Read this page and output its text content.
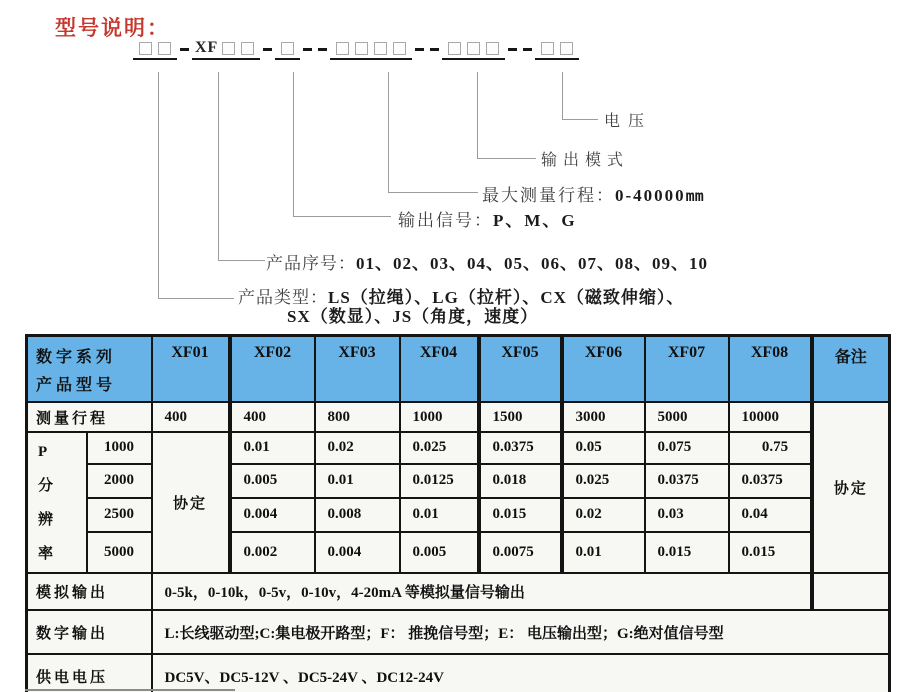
型号说明：
XF
电压
输出模式
最大测量行程：0-40000mm
输出信号：P、M、G
产品序号：01、02、03、04、05、06、07、08、09、10
产品类型：LS（拉绳）、LG（拉杆）、CX（磁致伸缩）、
SX（数显）、JS（角度，速度）
数字系列
产品型号		XF01	XF02	XF03	XF04	XF05	XF06	XF07	XF08	备注
测量行程		400	400	800	1000	1500	3000	5000	10000	协定

P
分
辨
率	1000	协定	0.01	0.02	0.025	0.0375	0.05	0.075	0.75	
	2000		0.005	0.01	0.0125	0.018	0.025	0.0375	0.0375	
	2500		0.004	0.008	0.01	0.015	0.02	0.03	0.04	
	5000		0.002	0.004	0.005	0.0075	0.01	0.015	0.015	
模拟输出		0-5k，0-10k，0-5v，0-10v，4-20mA 等模拟量信号输出								
数字输出		L:长线驱动型;C:集电极开路型；F： 推挽信号型；E： 电压输出型；G:绝对值信号型								
供电电压		DC5V、DC5-12V 、DC5-24V 、DC12-24V								
